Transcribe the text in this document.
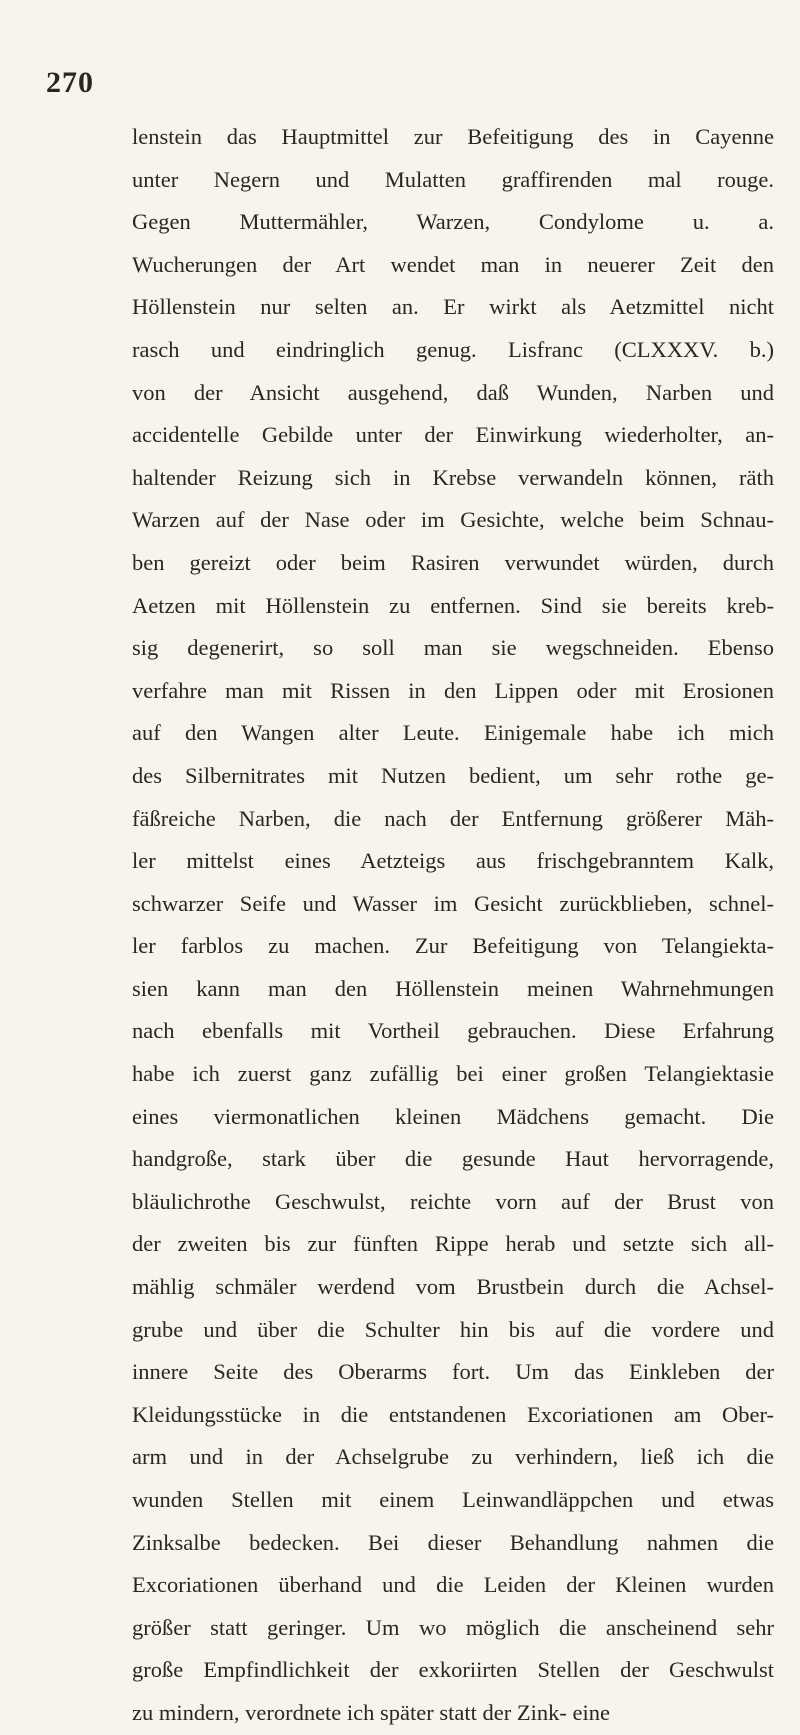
270
lenstein das Hauptmittel zur Befeitigung des in Cayenne
unter Negern und Mulatten graffirenden mal rouge.
Gegen Muttermähler, Warzen, Condylome u. a.
Wucherungen der Art wendet man in neuerer Zeit den
Höllenstein nur selten an. Er wirkt als Aetzmittel nicht
rasch und eindringlich genug. Lisfranc (CLXXXV. b.)
von der Ansicht ausgehend, daß Wunden, Narben und
accidentelle Gebilde unter der Einwirkung wiederholter, an-
haltender Reizung sich in Krebse verwandeln können, räth
Warzen auf der Nase oder im Gesichte, welche beim Schnau-
ben gereizt oder beim Rasiren verwundet würden, durch
Aetzen mit Höllenstein zu entfernen. Sind sie bereits kreb-
sig degenerirt, so soll man sie wegschneiden. Ebenso
verfahre man mit Rissen in den Lippen oder mit Erosionen
auf den Wangen alter Leute. Einigemale habe ich mich
des Silbernitrates mit Nutzen bedient, um sehr rothe ge-
fäßreiche Narben, die nach der Entfernung größerer Mäh-
ler mittelst eines Aetzteigs aus frischgebranntem Kalk,
schwarzer Seife und Wasser im Gesicht zurückblieben, schnel-
ler farblos zu machen. Zur Befeitigung von Telangiekta-
sien kann man den Höllenstein meinen Wahrnehmungen
nach ebenfalls mit Vortheil gebrauchen. Diese Erfahrung
habe ich zuerst ganz zufällig bei einer großen Telangiektasie
eines viermonatlichen kleinen Mädchens gemacht. Die
handgroße, stark über die gesunde Haut hervorragende,
bläulichrothe Geschwulst, reichte vorn auf der Brust von
der zweiten bis zur fünften Rippe herab und setzte sich all-
mählig schmäler werdend vom Brustbein durch die Achsel-
grube und über die Schulter hin bis auf die vordere und
innere Seite des Oberarms fort. Um das Einkleben der
Kleidungsstücke in die entstandenen Excoriationen am Ober-
arm und in der Achselgrube zu verhindern, ließ ich die
wunden Stellen mit einem Leinwandläppchen und etwas
Zinksalbe bedecken. Bei dieser Behandlung nahmen die
Excoriationen überhand und die Leiden der Kleinen wurden
größer statt geringer. Um wo möglich die anscheinend sehr
große Empfindlichkeit der exkoriirten Stellen der Geschwulst
zu mindern, verordnete ich später statt der Zink- eine
